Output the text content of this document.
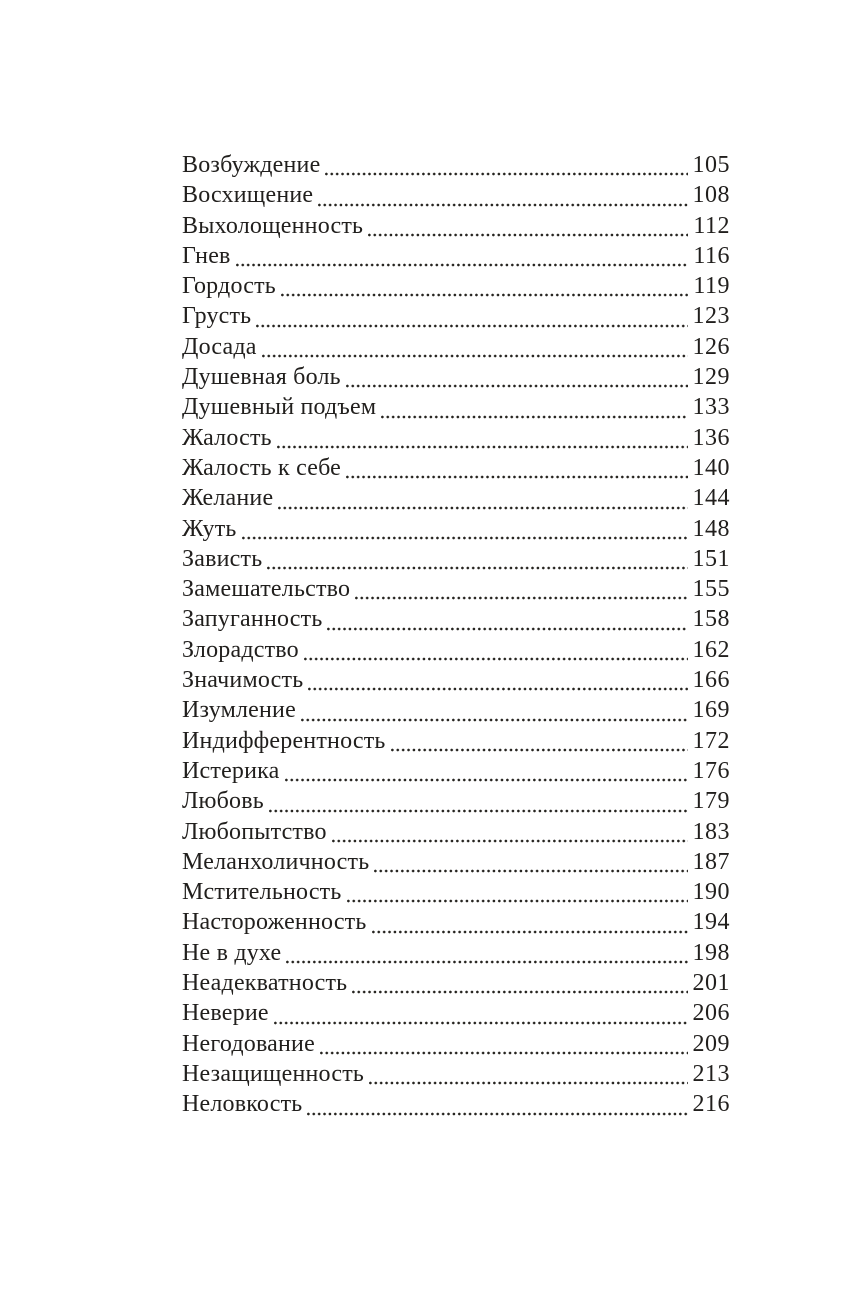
Возбуждение	105
Восхищение	108
Выхолощенность	112
Гнев	116
Гордость	119
Грусть	123
Досада	126
Душевная боль	129
Душевный подъем	133
Жалость	136
Жалость к себе	140
Желание	144
Жуть	148
Зависть	151
Замешательство	155
Запуганность	158
Злорадство	162
Значимость	166
Изумление	169
Индифферентность	172
Истерика	176
Любовь	179
Любопытство	183
Меланхоличность	187
Мстительность	190
Настороженность	194
Не в духе	198
Неадекватность	201
Неверие	206
Негодование	209
Незащищенность	213
Неловкость	216
